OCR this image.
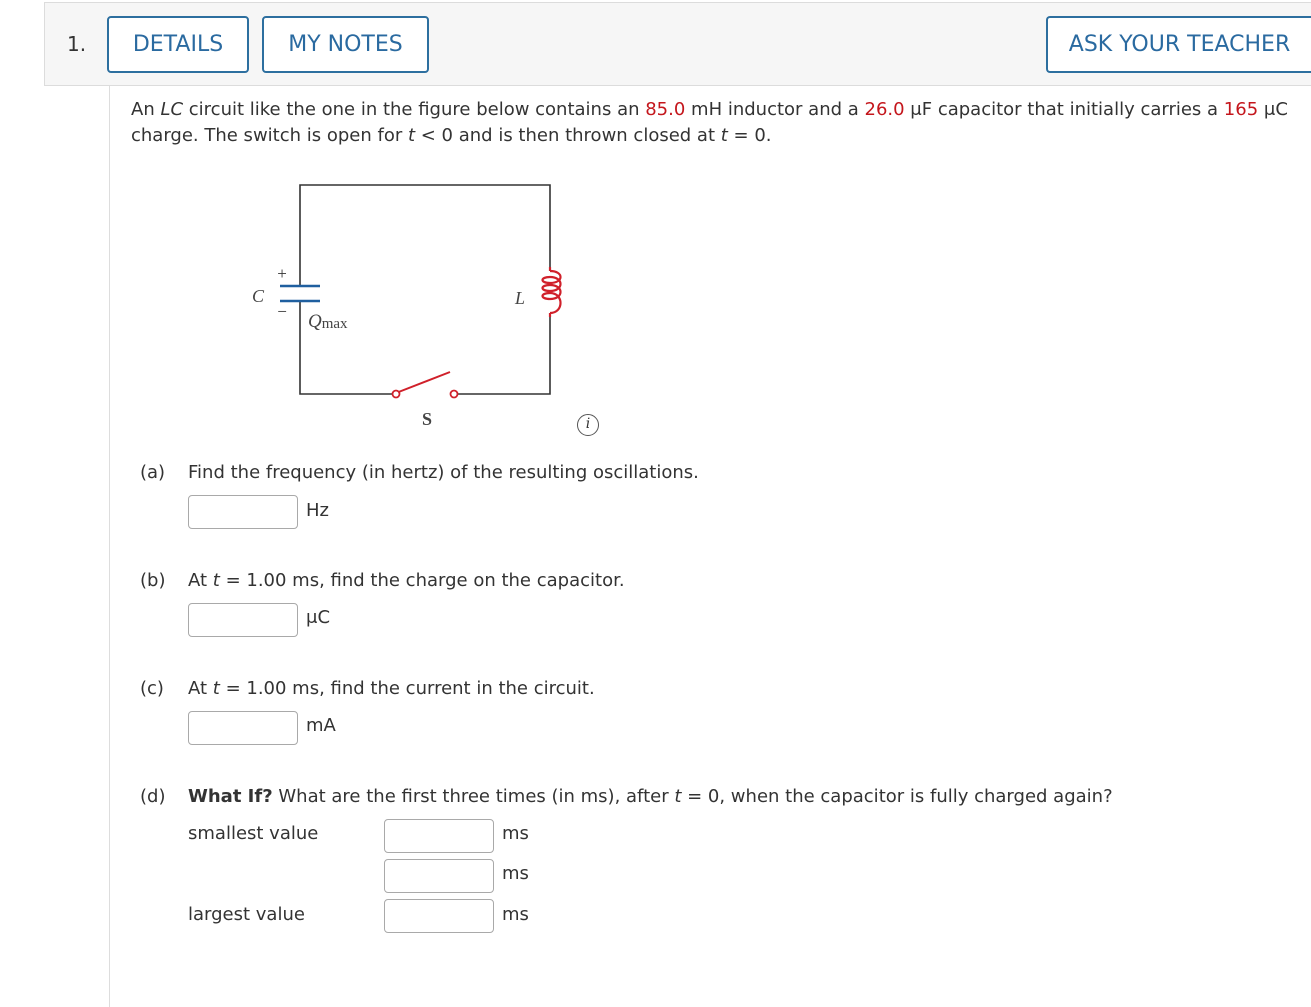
1.	DETAILS	MY NOTES	ASK YOUR TEACHER
An LC circuit like the one in the figure below contains an 85.0 mH inductor and a 26.0 μF capacitor that initially carries a 165 μC charge. The switch is open for t < 0 and is then thrown closed at t = 0.
+
C
− Qmax
L
S	i
(a) Find the frequency (in hertz) of the resulting oscillations.
Hz
(b) At t = 1.00 ms, find the charge on the capacitor.
μC
(c) At t = 1.00 ms, find the current in the circuit.
mA
(d) What If? What are the first three times (in ms), after t = 0, when the capacitor is fully charged again?
smallest value	ms
ms
largest value	ms
